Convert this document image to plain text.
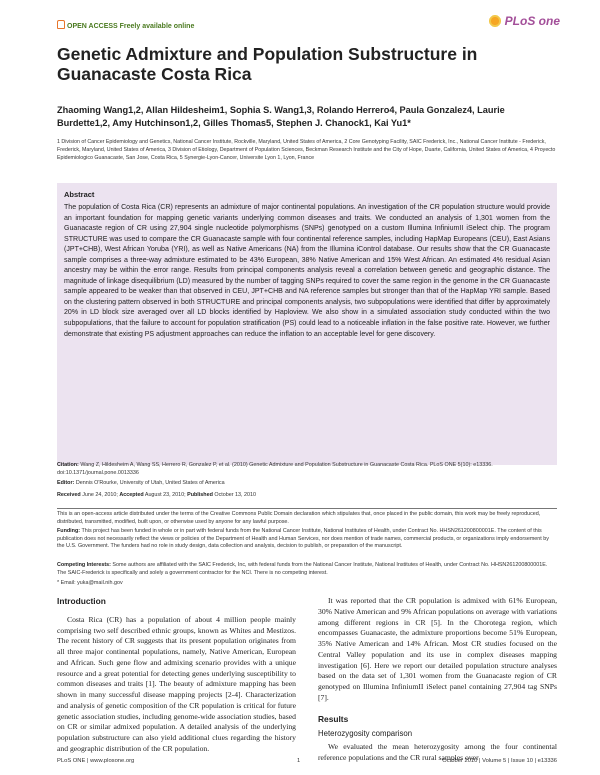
OPEN ACCESS Freely available online	PLoS one
Genetic Admixture and Population Substructure in Guanacaste Costa Rica
Zhaoming Wang1,2, Allan Hildesheim1, Sophia S. Wang1,3, Rolando Herrero4, Paula Gonzalez4, Laurie Burdette1,2, Amy Hutchinson1,2, Gilles Thomas5, Stephen J. Chanock1, Kai Yu1*
1 Division of Cancer Epidemiology and Genetics, National Cancer Institute, Rockville, Maryland, United States of America, 2 Core Genotyping Facility, SAIC Frederick, Inc., National Cancer Institute - Frederick, Frederick, Maryland, United States of America, 3 Division of Etiology, Department of Population Sciences, Beckman Research Institute and the City of Hope, Duarte, California, United States of America, 4 Proyecto Epidemiologico Guanacaste, San Jose, Costa Rica, 5 Synergie-Lyon-Cancer, Universite Lyon 1, Lyon, France
Abstract
The population of Costa Rica (CR) represents an admixture of major continental populations. An investigation of the CR population structure would provide an important foundation for mapping genetic variants underlying common diseases and traits. We conducted an analysis of 1,301 women from the Guanacaste region of CR using 27,904 single nucleotide polymorphisms (SNPs) genotyped on a custom Illumina InfiniumII iSelect chip. The program STRUCTURE was used to compare the CR Guanacaste sample with four continental reference samples, including HapMap Europeans (CEU), East Asians (JPT+CHB), West African Yoruba (YRI), as well as Native Americans (NA) from the Illumina iControl database. Our results show that the CR Guanacaste sample comprises a three-way admixture estimated to be 43% European, 38% Native American and 15% West African. An estimated 4% residual Asian ancestry may be within the error range. Results from principal components analysis reveal a correlation between genetic and geographic distance. The magnitude of linkage disequilibrium (LD) measured by the number of tagging SNPs required to cover the same region in the genome in the CR Guanacaste sample appeared to be weaker than that observed in CEU, JPT+CHB and NA reference samples but stronger than that of the HapMap YRI sample. Based on the clustering pattern observed in both STRUCTURE and principal components analysis, two subpopulations were identified that differ by approximately 20% in LD block size averaged over all LD blocks identified by Haploview. We also show in a simulated association study conducted within the two subpopulations, that the failure to account for population stratification (PS) could lead to a noticeable inflation in the false positive rate. However, we further demonstrate that existing PS adjustment approaches can reduce the inflation to an acceptable level for gene discovery.
Citation: Wang Z, Hildesheim A, Wang SS, Herrero R, Gonzalez P, et al. (2010) Genetic Admixture and Population Substructure in Guanacaste Costa Rica. PLoS ONE 5(10): e13336. doi:10.1371/journal.pone.0013336
Editor: Dennis O'Rourke, University of Utah, United States of America
Received June 24, 2010; Accepted August 23, 2010; Published October 13, 2010
This is an open-access article distributed under the terms of the Creative Commons Public Domain declaration which stipulates that, once placed in the public domain, this work may be freely reproduced, distributed, transmitted, modified, built upon, or otherwise used by anyone for any lawful purpose.
Funding: This project has been funded in whole or in part with federal funds from the National Cancer Institute, National Institutes of Health, under Contract No. HHSN261200800001E. The content of this publication does not necessarily reflect the views or policies of the Department of Health and Human Services, nor does mention of trade names, commercial products, or organizations imply endorsement by the U.S. Government. The funders had no role in study design, data collection and analysis, decision to publish, or preparation of the manuscript.
Competing Interests: Some authors are affiliated with the SAIC Frederick, Inc, with federal funds from the National Cancer Institute, National Institutes of Health, under Contract No. HHSN261200800001E. The SAIC-Frederick is specifically and solely a government contractor for the NCI. There is no competing interest.
* Email: yuka@mail.nih.gov
Introduction

Costa Rica (CR) has a population of about 4 million people mainly comprising two self described ethnic groups, known as Whites and Mestizos. The recent history of CR suggests that its present population originates from all three major continental populations, namely, Native American, European and African. Such gene flow and admixing scenario provides with a unique resource and a great potential for detecting genes underlying susceptibility to common diseases and traits [1]. The beauty of admixture mapping has been shown in many successful disease mapping projects [2-4]. Characterization and analysis of genetic composition of the CR population is critical for future genetic association studies, including genome-wide association studies, based on CR or similar admixed population. A detailed analysis of the underlying population substructure can also yield additional clues regarding the history and geographic distribution of the CR population.

It was reported that the CR population is admixed with 61% European, 30% Native American and 9% African populations on average with variations among different regions in CR [5]. In the Chorotega region, which encompasses Guanacaste, the admixture proportions become 51% European, 35% Native American and 14% African. Most CR studies focused on the Central Valley population and its use in complex diseases mapping investigation [6]. Here we report our detailed population structure analyses based on the data set of 1,301 women from the Guanacaste region of CR genotyped on Illumina InfiniumII iSelect panel containing 27,904 tag SNPs [7].

Results
Heterozygosity comparison

We evaluated the mean heterozygosity among the four continental reference populations and the CR rural samples over

PLoS ONE | www.plosone.org	1	October 2010 | Volume 5 | Issue 10 | e13336
